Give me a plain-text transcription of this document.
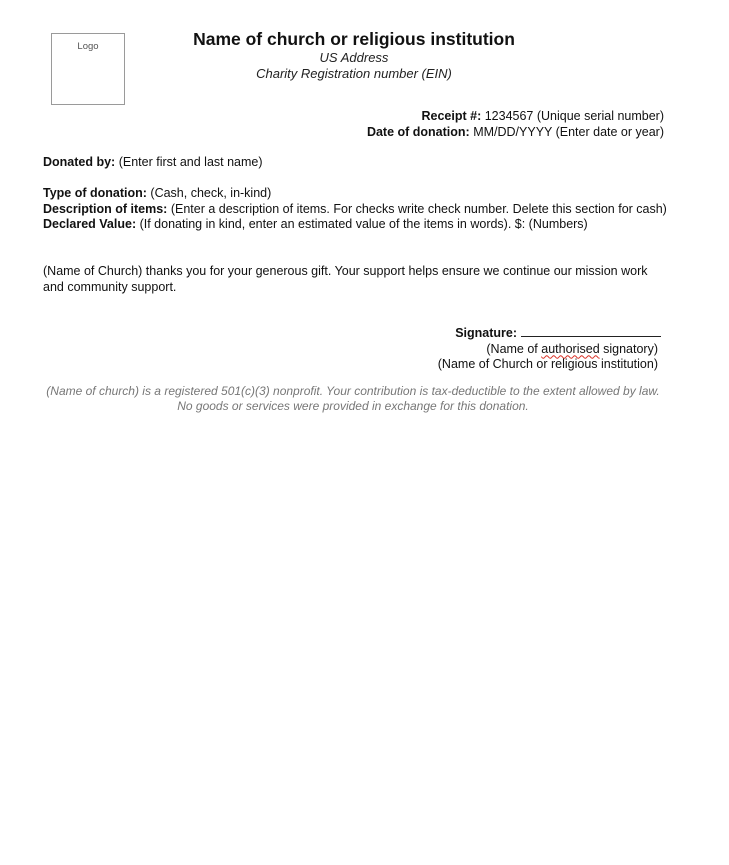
Logo	Name of church or religious institution
US Address
Charity Registration number (EIN)
Receipt #: 1234567 (Unique serial number)
Date of donation: MM/DD/YYYY (Enter date or year)
Donated by: (Enter first and last name)
Type of donation: (Cash, check, in-kind)
Description of items: (Enter a description of items. For checks write check number. Delete this section for cash)
Declared Value: (If donating in kind, enter an estimated value of the items in words). $: (Numbers)
(Name of Church) thanks you for your generous gift. Your support helps ensure we continue our mission work and community support.
Signature:
(Name of authorised signatory)
(Name of Church or religious institution)
(Name of church) is a registered 501(c)(3) nonprofit. Your contribution is tax-deductible to the extent allowed by law. No goods or services were provided in exchange for this donation.
